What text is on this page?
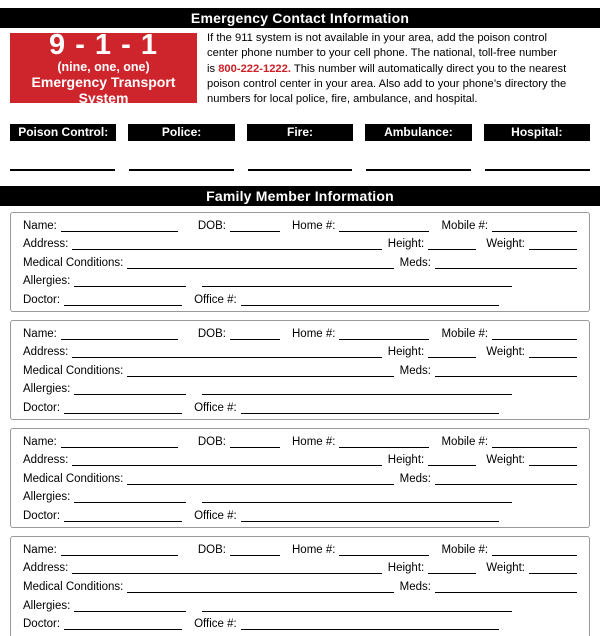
Emergency Contact Information
9 - 1 - 1
(nine, one, one)
Emergency Transport System
If the 911 system is not available in your area, add the poison control
center phone number to your cell phone. The national, toll-free number
is 800-222-1222. This number will automatically direct you to the nearest
poison control center in your area. Also add to your phone’s directory the
numbers for local police, fire, ambulance, and hospital.
Poison Control:	Police:	Fire:	Ambulance:	Hospital:
Family Member Information
Name:	DOB:	Home #:	Mobile #:
Address:	Height:	Weight:
Medical Conditions:	Meds:
Allergies:
Doctor:	Office #:
Name:	DOB:	Home #:	Mobile #:
Address:	Height:	Weight:
Medical Conditions:	Meds:
Allergies:
Doctor:	Office #:
Name:	DOB:	Home #:	Mobile #:
Address:	Height:	Weight:
Medical Conditions:	Meds:
Allergies:
Doctor:	Office #:
Name:	DOB:	Home #:	Mobile #:
Address:	Height:	Weight:
Medical Conditions:	Meds:
Allergies:
Doctor:	Office #:
